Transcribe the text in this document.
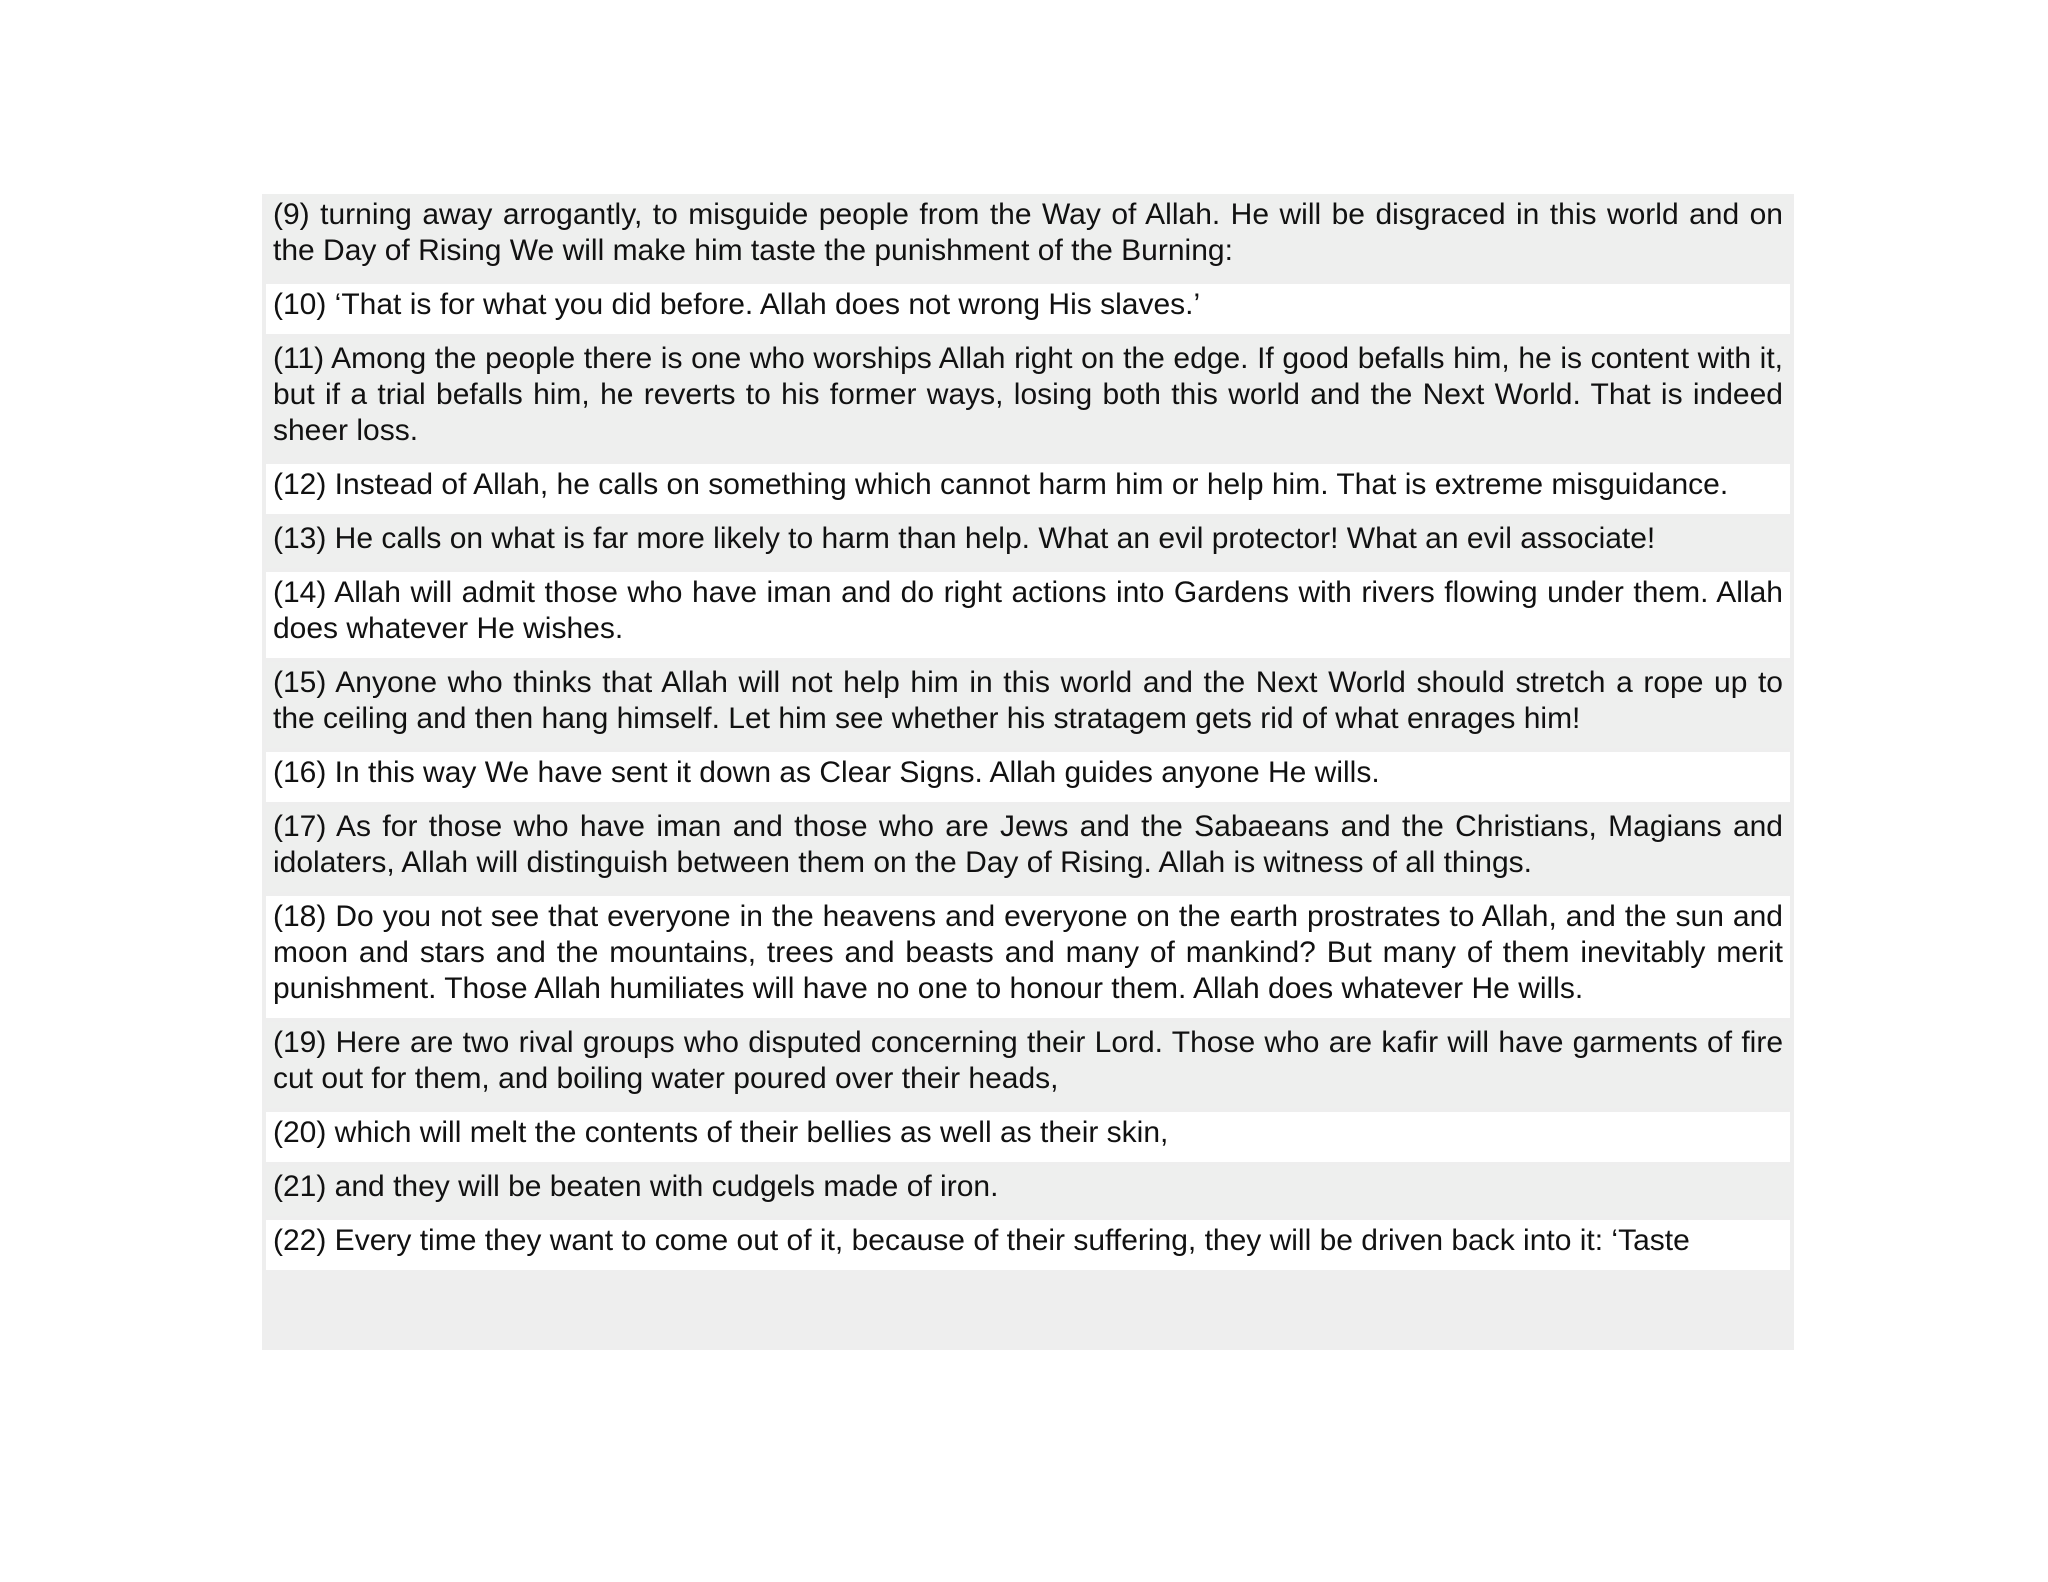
(9) turning away arrogantly, to misguide people from the Way of Allah. He will be disgraced in this world and on the Day of Rising We will make him taste the punishment of the Burning:
(10) ‘That is for what you did before. Allah does not wrong His slaves.’
(11) Among the people there is one who worships Allah right on the edge. If good befalls him, he is content with it, but if a trial befalls him, he reverts to his former ways, losing both this world and the Next World. That is indeed sheer loss.
(12) Instead of Allah, he calls on something which cannot harm him or help him. That is extreme misguidance.
(13) He calls on what is far more likely to harm than help. What an evil protector! What an evil associate!
(14) Allah will admit those who have iman and do right actions into Gardens with rivers flowing under them. Allah does whatever He wishes.
(15) Anyone who thinks that Allah will not help him in this world and the Next World should stretch a rope up to the ceiling and then hang himself. Let him see whether his stratagem gets rid of what enrages him!
(16) In this way We have sent it down as Clear Signs. Allah guides anyone He wills.
(17) As for those who have iman and those who are Jews and the Sabaeans and the Christians, Magians and idolaters, Allah will distinguish between them on the Day of Rising. Allah is witness of all things.
(18) Do you not see that everyone in the heavens and everyone on the earth prostrates to Allah, and the sun and moon and stars and the mountains, trees and beasts and many of mankind? But many of them inevitably merit punishment. Those Allah humiliates will have no one to honour them. Allah does whatever He wills.
(19) Here are two rival groups who disputed concerning their Lord. Those who are kafir will have garments of fire cut out for them, and boiling water poured over their heads,
(20) which will melt the contents of their bellies as well as their skin,
(21) and they will be beaten with cudgels made of iron.
(22) Every time they want to come out of it, because of their suffering, they will be driven back into it: ‘Taste
